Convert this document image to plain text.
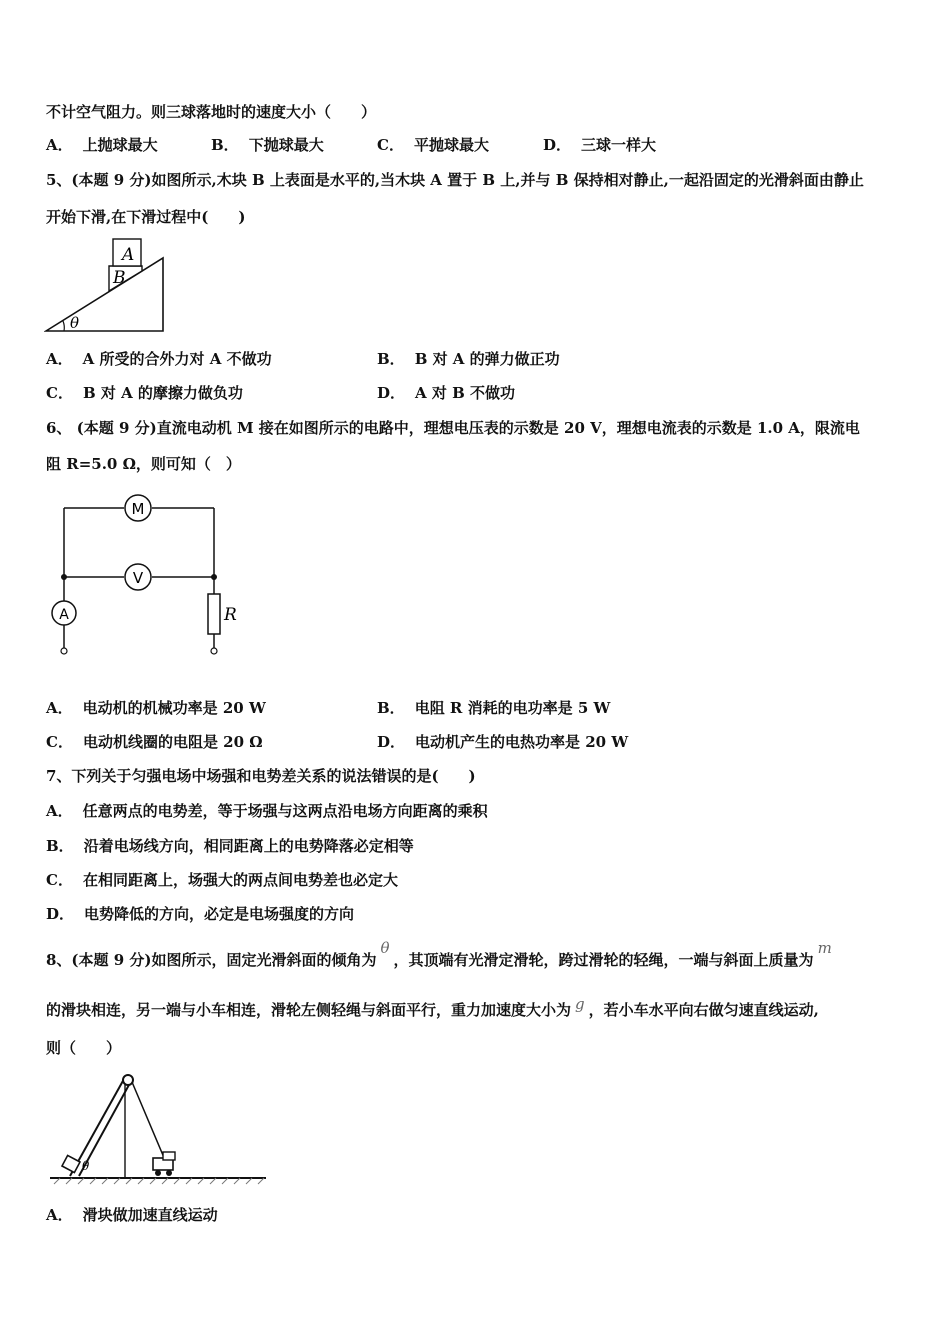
不计空气阻力。则三球落地时的速度大小（　　）
A． 上抛球最大	B． 下抛球最大	C． 平抛球最大	D． 三球一样大
5、(本题 9 分)如图所示,木块 B 上表面是水平的,当木块 A 置于 B 上,并与 B 保持相对静止,一起沿固定的光滑斜面由静止
开始下滑,在下滑过程中(　　)
A
B
θ
A． A 所受的合外力对 A 不做功	B． B 对 A 的弹力做正功
C． B 对 A 的摩擦力做负功	D． A 对 B 不做功
6、 (本题 9 分)直流电动机 M 接在如图所示的电路中，理想电压表的示数是 20 V，理想电流表的示数是 1.0 A，限流电
阻 R=5.0 Ω，则可知（　）
M
V
A	R
A． 电动机的机械功率是 20 W	B． 电阻 R 消耗的电功率是 5 W
C． 电动机线圈的电阻是 20 Ω	D． 电动机产生的电热功率是 20 W
7、下列关于匀强电场中场强和电势差关系的说法错误的是(　　)
A． 任意两点的电势差，等于场强与这两点沿电场方向距离的乘积
B． 沿着电场线方向，相同距离上的电势降落必定相等
C． 在相同距离上，场强大的两点间电势差也必定大
D． 电势降低的方向，必定是电场强度的方向
8、(本题 9 分)如图所示，固定光滑斜面的倾角为θ，其顶端有光滑定滑轮，跨过滑轮的轻绳，一端与斜面上质量为m
的滑块相连，另一端与小车相连，滑轮左侧轻绳与斜面平行，重力加速度大小为 g ，若小车水平向右做匀速直线运动,
则（　　）
θ
A． 滑块做加速直线运动
